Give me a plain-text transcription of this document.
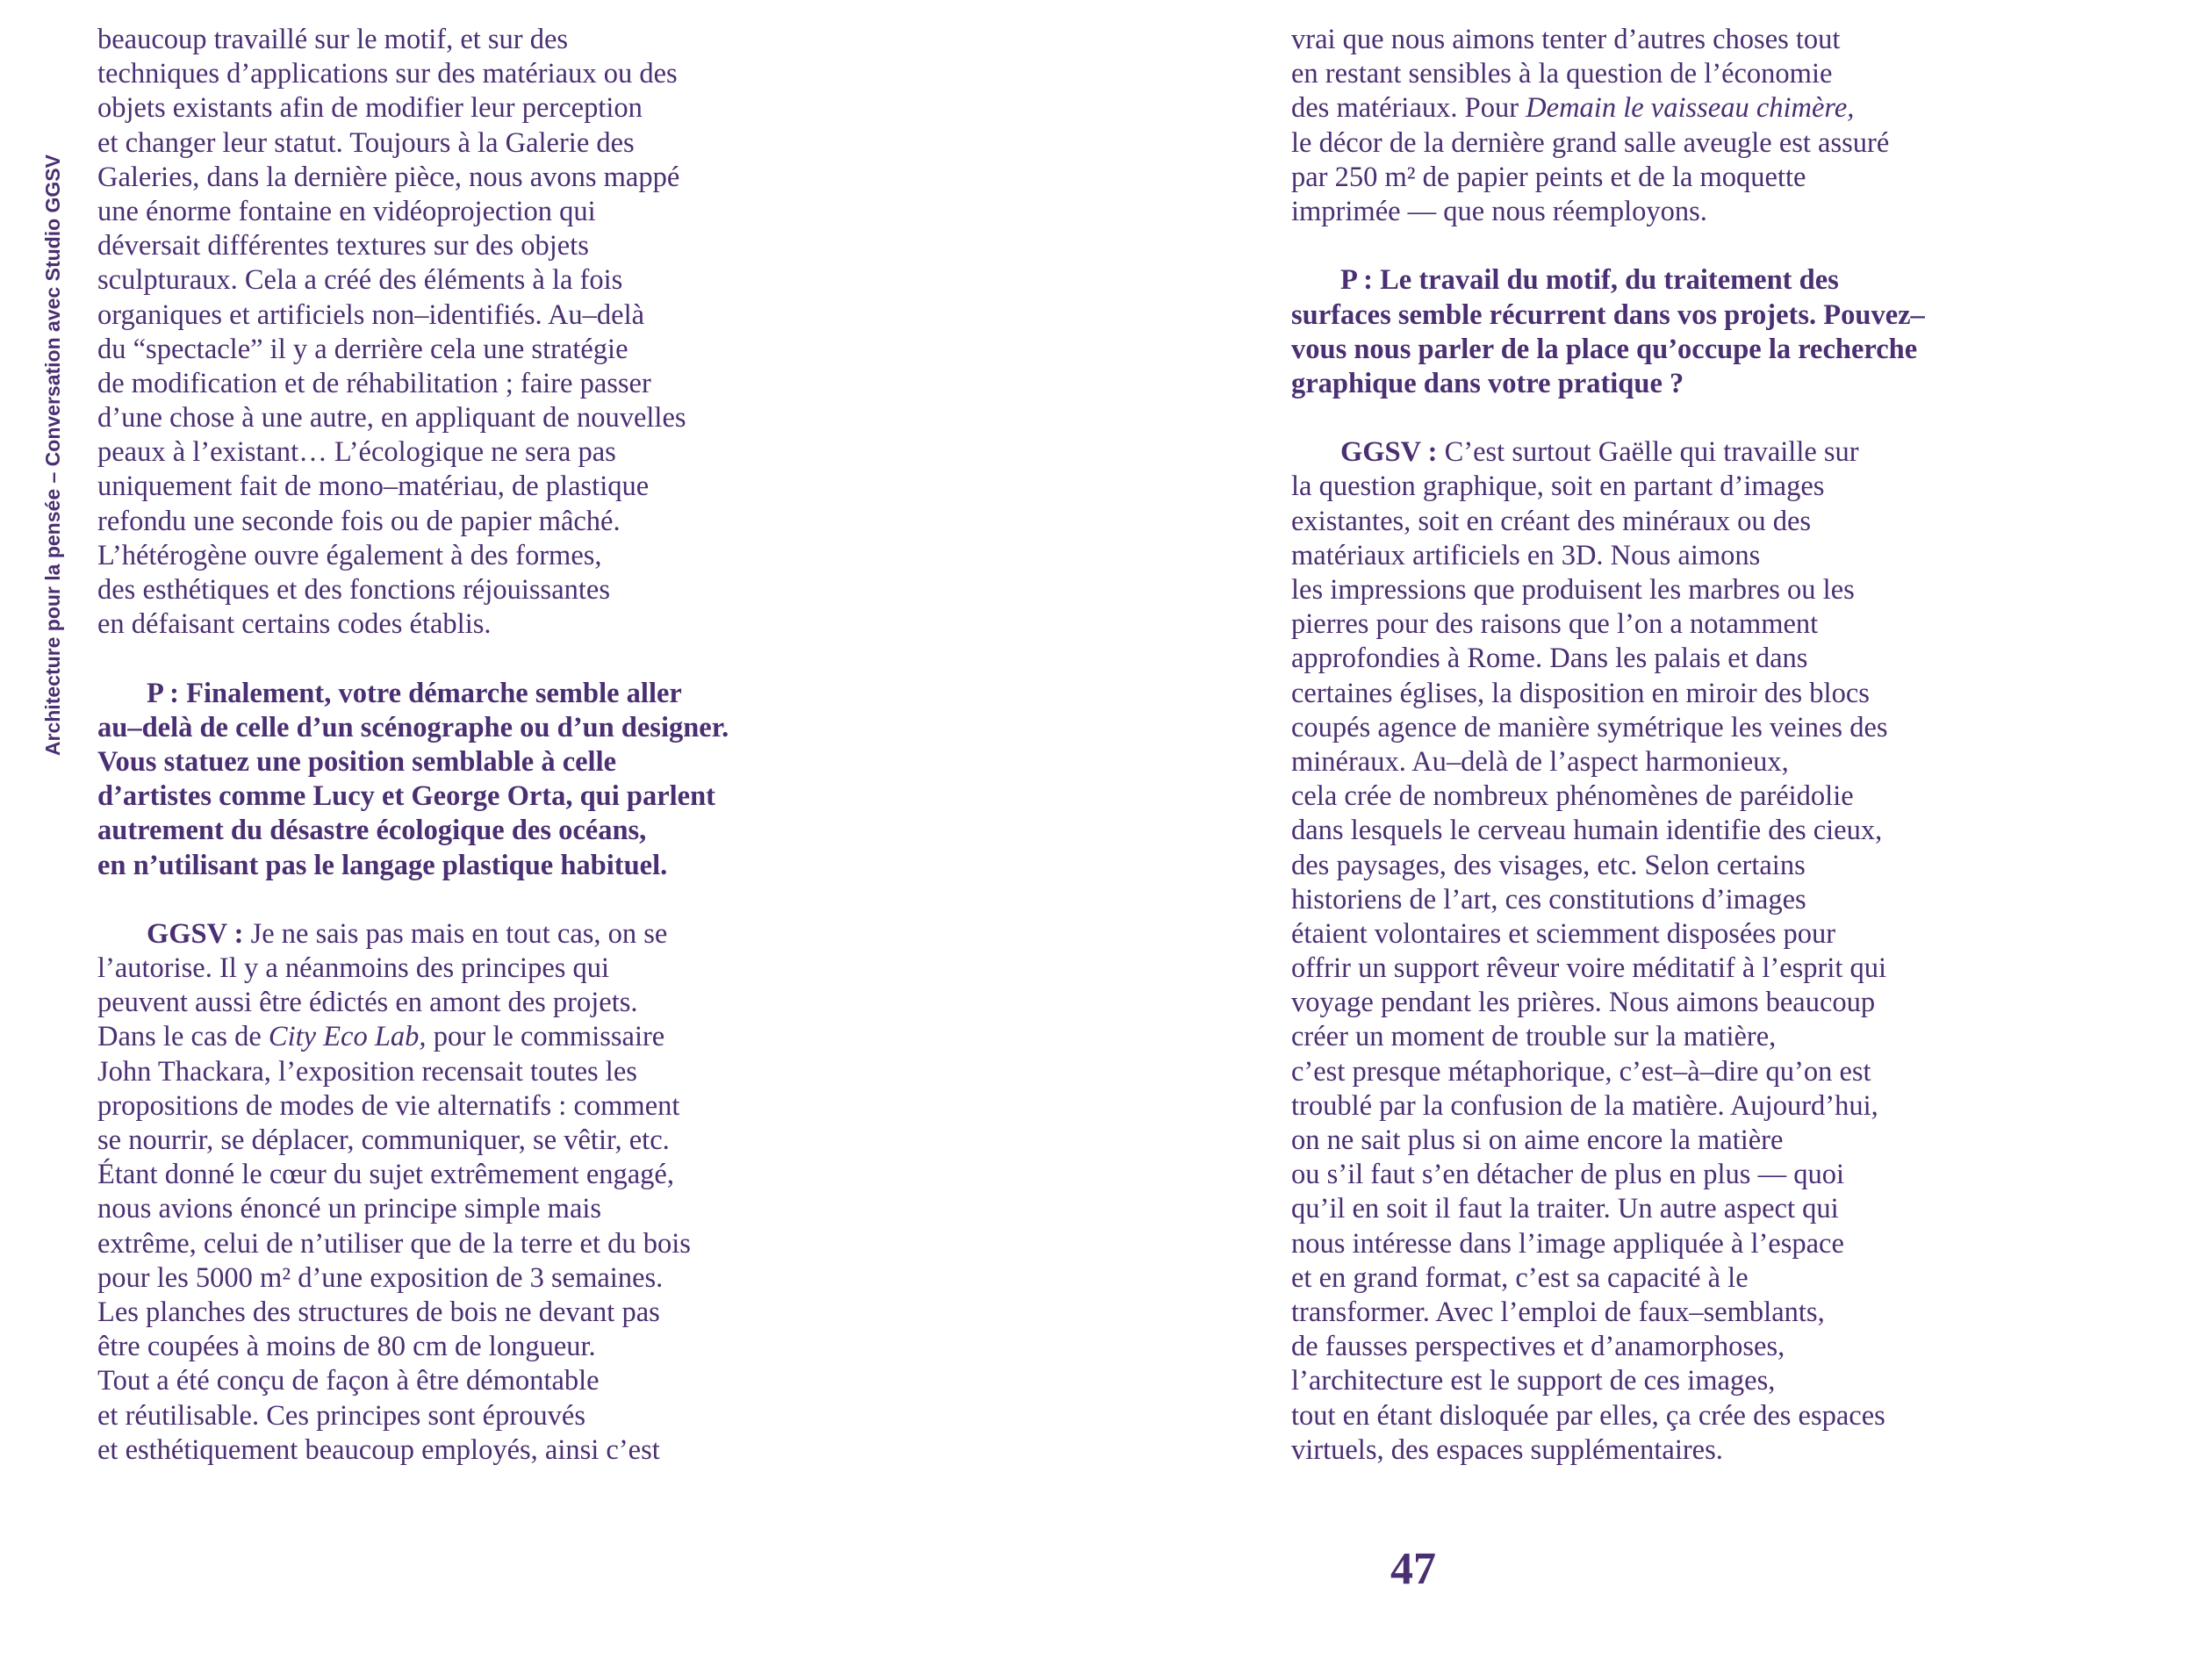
Architecture pour la pensée – Conversation avec Studio GGSV
beaucoup travaillé sur le motif, et sur des
techniques d’applications sur des matériaux ou des
objets existants afin de modifier leur perception
et changer leur statut. Toujours à la Galerie des
Galeries, dans la dernière pièce, nous avons mappé
une énorme fontaine en vidéoprojection qui
déversait différentes textures sur des objets
sculpturaux. Cela a créé des éléments à la fois
organiques et artificiels non–identifiés. Au–delà
du “spectacle” il y a derrière cela une stratégie
de modification et de réhabilitation ; faire passer
d’une chose à une autre, en appliquant de nouvelles
peaux à l’existant… L’écologique ne sera pas
uniquement fait de mono–matériau, de plastique
refondu une seconde fois ou de papier mâché.
L’hétérogène ouvre également à des formes,
des esthétiques et des fonctions réjouissantes
en défaisant certains codes établis.
P : Finalement, votre démarche semble aller
au–delà de celle d’un scénographe ou d’un designer.
Vous statuez une position semblable à celle
d’artistes comme Lucy et George Orta, qui parlent
autrement du désastre écologique des océans,
en n’utilisant pas le langage plastique habituel.
GGSV : Je ne sais pas mais en tout cas, on se
l’autorise. Il y a néanmoins des principes qui
peuvent aussi être édictés en amont des projets.
Dans le cas de City Eco Lab, pour le commissaire
John Thackara, l’exposition recensait toutes les
propositions de modes de vie alternatifs : comment
se nourrir, se déplacer, communiquer, se vêtir, etc.
Étant donné le cœur du sujet extrêmement engagé,
nous avions énoncé un principe simple mais
extrême, celui de n’utiliser que de la terre et du bois
pour les 5000 m² d’une exposition de 3 semaines.
Les planches des structures de bois ne devant pas
être coupées à moins de 80 cm de longueur.
Tout a été conçu de façon à être démontable
et réutilisable. Ces principes sont éprouvés
et esthétiquement beaucoup employés, ainsi c’est
vrai que nous aimons tenter d’autres choses tout
en restant sensibles à la question de l’économie
des matériaux. Pour Demain le vaisseau chimère,
le décor de la dernière grand salle aveugle est assuré
par 250 m² de papier peints et de la moquette
imprimée — que nous réemployons.
P : Le travail du motif, du traitement des
surfaces semble récurrent dans vos projets. Pouvez–
vous nous parler de la place qu’occupe la recherche
graphique dans votre pratique ?
GGSV : C’est surtout Gaëlle qui travaille sur
la question graphique, soit en partant d’images
existantes, soit en créant des minéraux ou des
matériaux artificiels en 3D. Nous aimons
les impressions que produisent les marbres ou les
pierres pour des raisons que l’on a notamment
approfondies à Rome. Dans les palais et dans
certaines églises, la disposition en miroir des blocs
coupés agence de manière symétrique les veines des
minéraux. Au–delà de l’aspect harmonieux,
cela crée de nombreux phénomènes de paréidolie
dans lesquels le cerveau humain identifie des cieux,
des paysages, des visages, etc. Selon certains
historiens de l’art, ces constitutions d’images
étaient volontaires et sciemment disposées pour
offrir un support rêveur voire méditatif à l’esprit qui
voyage pendant les prières. Nous aimons beaucoup
créer un moment de trouble sur la matière,
c’est presque métaphorique, c’est–à–dire qu’on est
troublé par la confusion de la matière. Aujourd’hui,
on ne sait plus si on aime encore la matière
ou s’il faut s’en détacher de plus en plus — quoi
qu’il en soit il faut la traiter. Un autre aspect qui
nous intéresse dans l’image appliquée à l’espace
et en grand format, c’est sa capacité à le
transformer. Avec l’emploi de faux–semblants,
de fausses perspectives et d’anamorphoses,
l’architecture est le support de ces images,
tout en étant disloquée par elles, ça crée des espaces
virtuels, des espaces supplémentaires.
47
